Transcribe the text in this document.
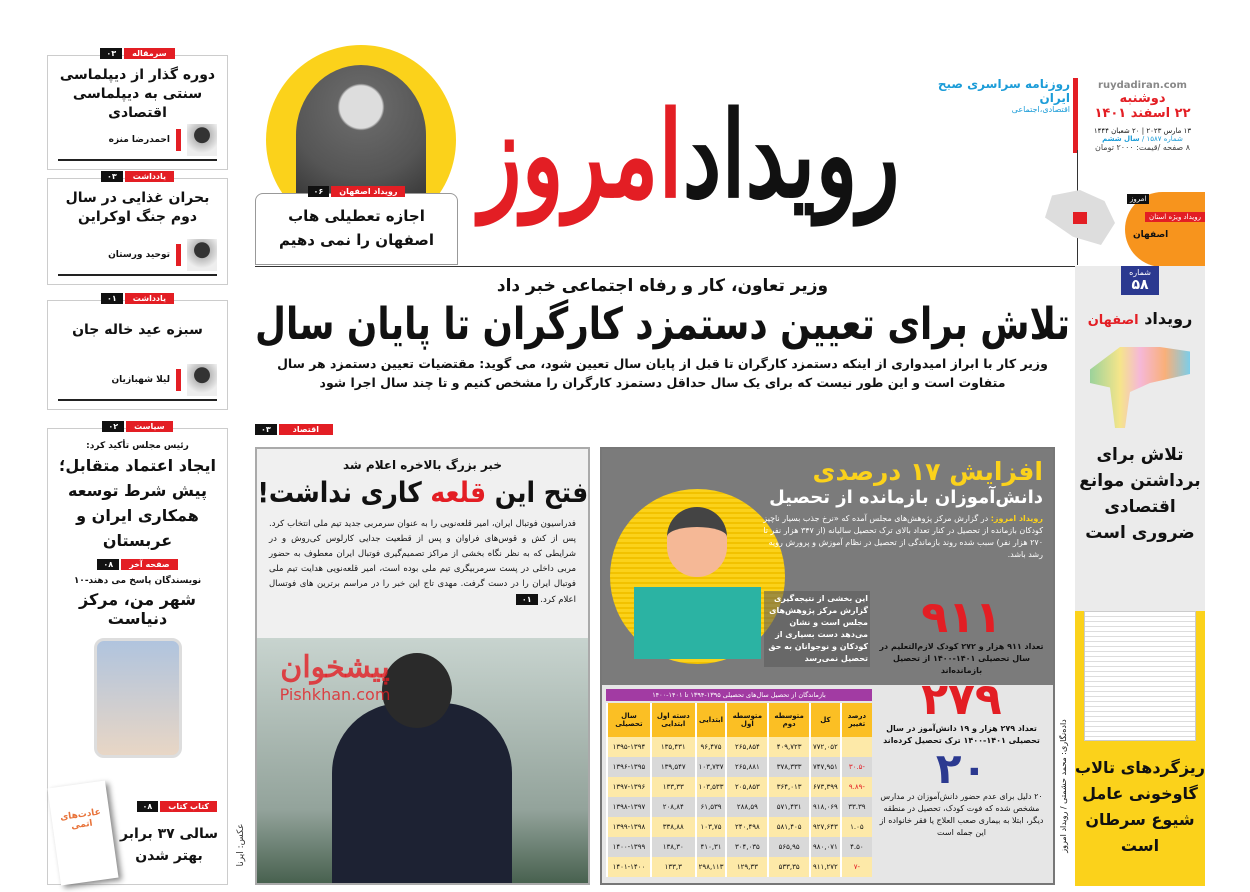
۰۳	سرمقاله
دوره گذار از دیپلماسی سنتی به دیپلماسی اقتصادی
احمدرضا منزه
۰۳	یادداشت
بحران غذایی در سال دوم جنگ اوکراین
توحید ورستان
۰۱	یادداشت
سبزه عید خاله جان
لیلا شهبازیان
۰۲	سیاست
رئیس مجلس تأکید کرد:
ایجاد اعتماد متقابل؛ پیش شرط توسعه همکاری ایران و عربستان
۰۸	صفحه آخر
نویسندگان پاسخ می دهند-۱۰
شهر من، مرکز دنیاست
۰۸	کتاب کتاب
عادت‌های اتمی
سالی ۳۷ برابر بهتر شدن	عکس: ایرنا
۰۶	رویداد اصفهان
اجازه تعطیلی هاب اصفهان را نمی دهیم
رویدادامروز
روزنامه سراسری صبح ایران
اقتصادی،اجتماعی
ruydadiran.com
دوشنبه
۲۲ اسفند ۱۴۰۱
۱۳ مارس ۲۰۲۳ | ۲۰ شعبان ۱۴۴۴
شماره ۱۵۸۷ / سال ششم
۸ صفحه /قیمت: ۲۰۰۰ تومان
امروز
رویداد ویژه استان
اصفهان
وزیر تعاون، کار و رفاه اجتماعی خبر داد
تلاش برای تعیین دستمزد کارگران تا پایان سال
وزیر کار با ابراز امیدواری از اینکه دستمزد کارگران تا قبل از پایان سال تعیین شود، می گوید: مقتضیات تعیین دستمزد هر سال متفاوت است و این طور نیست که برای یک سال حداقل دستمزد کارگران را مشخص کنیم و تا چند سال اجرا شود
۰۳	اقتصاد
خبر بزرگ بالاخره اعلام شد
فتح این قلعه کاری نداشت!
فدراسیون فوتبال ایران، امیر قلعه‌نویی را به عنوان سرمربی جدید تیم ملی انتخاب کرد. پس از کش و قوس‌های فراوان و پس از قطعیت جدایی کارلوس کی‌روش و در شرایطی که به نظر نگاه بخشی از مراکز تصمیم‌گیری فوتبال ایران معطوف به حضور مربی داخلی در پست سرمربیگری تیم ملی بوده است، امیر قلعه‌نویی هدایت تیم ملی فوتبال ایران را در دست گرفت. مهدی تاج این خبر را در مراسم برترین های فوتسال اعلام کرد. ۰۱
پیشخوان
Pishkhan.com
افزایش ۱۷ درصدی
دانش‌آموزان بازمانده از تحصیل
رویداد امروز: در گزارش مرکز پژوهش‌های مجلس آمده که «نرخ جذب بسیار ناچیز کودکان بازمانده از تحصیل در کنار تعداد بالای ترک تحصیل سالیانه (از ۳۴۷ هزار نفر تا ۲۷۰ هزار نفر) سبب شده روند بازماندگی از تحصیل در نظام آموزش و پرورش رویه رشد باشد.
این بخشی از نتیجه‌گیری گزارش مرکز پژوهش‌های مجلس است و نشان می‌دهد دست بسیاری از کودکان و نوجوانان به حق تحصیل نمی‌رسد
بازماندگان از تحصیل سال‌های تحصیلی ۱۳۹۵-۱۳۹۴ تا ۱۴۰۱-۱۴۰۰
درصد تغییر	کل	متوسطه دوم	متوسطه اول	ابتدایی	دسته اول ابتدایی	سال تحصیلی
	۷۷۲,۰۵۲	۴۰۹,۷۲۳	۲۶۵,۸۵۴	۹۶,۴۷۵	۱۳۵,۴۳۱	۱۳۹۵-۱۳۹۴
-۳۰.۵	۷۴۷,۹۵۱	۳۷۸,۳۳۳	۲۶۵,۸۸۱	۱۰۳,۷۳۷	۱۳۹,۵۴۷	۱۳۹۶-۱۳۹۵
-۹.۸۹	۶۷۳,۳۹۹	۳۶۴,۰۱۳	۲۰۵,۸۵۳	۱۰۳,۵۳۳	۱۳۳,۳۳	۱۳۹۷-۱۳۹۶
۳۳.۳۹	۹۱۸,۰۶۹	۵۷۱,۴۳۱	۲۸۸,۵۹	۶۱,۵۳۹	۲۰۸,۸۴	۱۳۹۸-۱۳۹۷
۱.۰۵	۹۲۷,۶۴۳	۵۸۱,۴۰۵	۲۴۰,۴۹۸	۱۰۳,۷۵	۳۳۸,۸۸	۱۳۹۹-۱۳۹۸
۴.۵۰	۹۸۰,۰۷۱	۵۶۵,۹۵	۳۰۴,۰۳۵	۴۱۰,۳۱	۱۳۸,۳۰	۱۴۰۰-۱۳۹۹
-۷	۹۱۱,۲۷۲	۵۳۳,۳۵	۱۲۹,۳۳	۲۹۸,۱۱۳	۱۳۳,۳	۱۴۰۱-۱۴۰۰
۹۱۱
تعداد ۹۱۱ هزار و ۲۷۲ کودک لازم‌التعلیم در سال تحصیلی ۱۴۰۱-۱۴۰۰ از تحصیل بازمانده‌اند
۲۷۹
تعداد ۲۷۹ هزار و ۱۹ دانش‌آموز در سال تحصیلی ۱۴۰۱-۱۴۰۰ ترک تحصیل کرده‌اند
۲۰
۲۰ دلیل برای عدم حضور دانش‌آموزان در مدارس مشخص شده که فوت کودک، تحصیل در منطقه دیگر، ابتلا به بیماری صعب العلاج یا فقر خانواده از این جمله است	داده‌نگاری: محمد حشمتی / رویداد امروز
شماره
۵۸
رویداد اصفهان
تلاش برای برداشتن موانع اقتصادی ضروری است
ریزگردهای تالاب گاوخونی عامل شیوع سرطان است
